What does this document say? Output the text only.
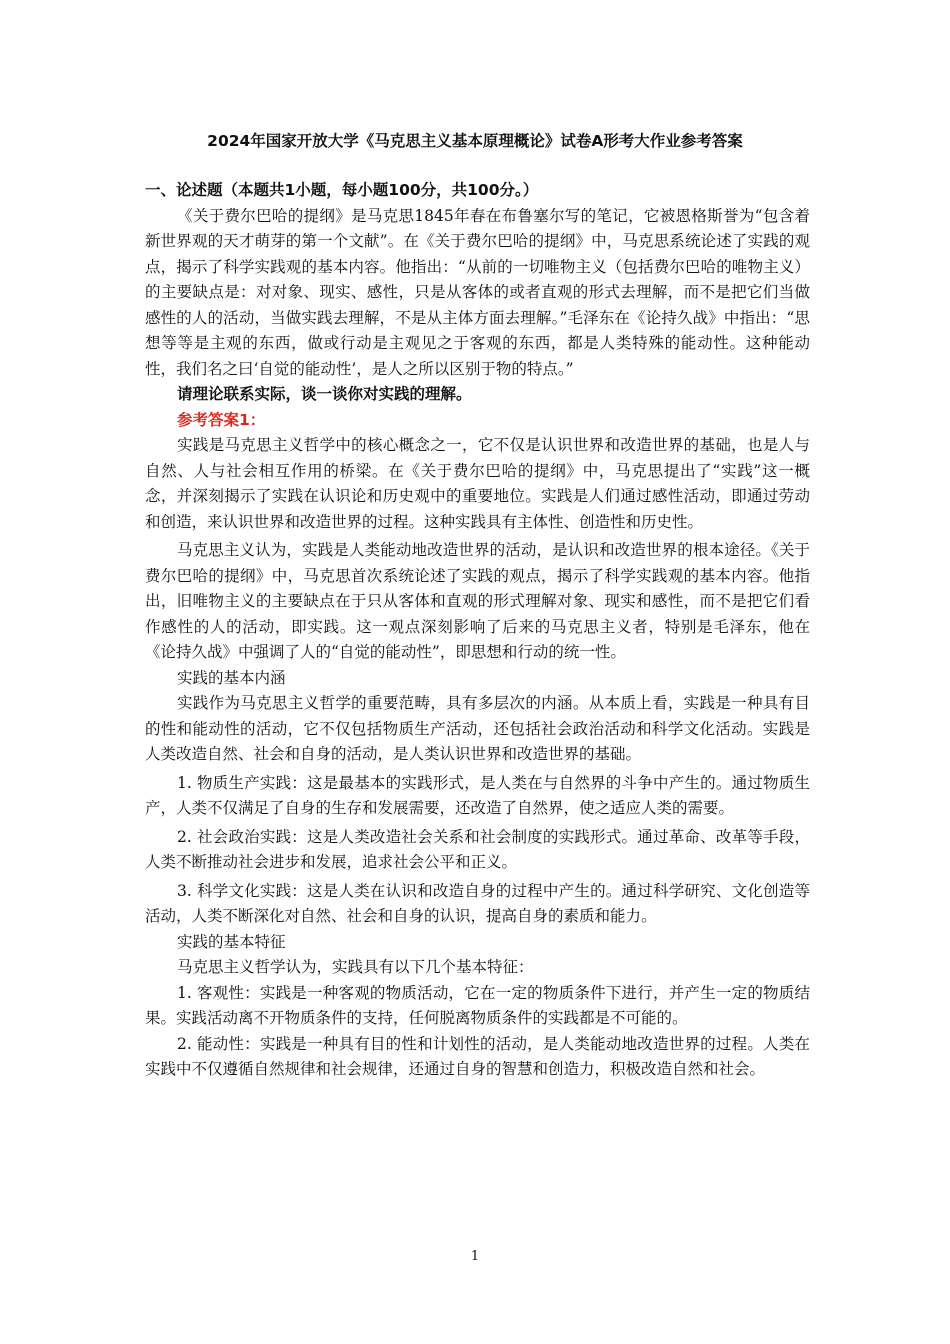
2024年国家开放大学《马克思主义基本原理概论》试卷A形考大作业参考答案

一、论述题（本题共1小题，每小题100分，共100分。）

《关于费尔巴哈的提纲》是马克思1845年春在布鲁塞尔写的笔记，它被恩格斯誉为“包含着新世界观的天才萌芽的第一个文献”。在《关于费尔巴哈的提纲》中，马克思系统论述了实践的观点，揭示了科学实践观的基本内容。他指出：“从前的一切唯物主义（包括费尔巴哈的唯物主义）的主要缺点是：对对象、现实、感性，只是从客体的或者直观的形式去理解，而不是把它们当做感性的人的活动，当做实践去理解，不是从主体方面去理解。”毛泽东在《论持久战》中指出：“思想等等是主观的东西，做或行动是主观见之于客观的东西，都是人类特殊的能动性。这种能动性，我们名之曰‘自觉的能动性’，是人之所以区别于物的特点。”

请理论联系实际，谈一谈你对实践的理解。

参考答案1：

实践是马克思主义哲学中的核心概念之一，它不仅是认识世界和改造世界的基础，也是人与自然、人与社会相互作用的桥梁。在《关于费尔巴哈的提纲》中，马克思提出了“实践”这一概念，并深刻揭示了实践在认识论和历史观中的重要地位。实践是人们通过感性活动，即通过劳动和创造，来认识世界和改造世界的过程。这种实践具有主体性、创造性和历史性。

马克思主义认为，实践是人类能动地改造世界的活动，是认识和改造世界的根本途径。《关于费尔巴哈的提纲》中，马克思首次系统论述了实践的观点，揭示了科学实践观的基本内容。他指出，旧唯物主义的主要缺点在于只从客体和直观的形式理解对象、现实和感性，而不是把它们看作感性的人的活动，即实践。这一观点深刻影响了后来的马克思主义者，特别是毛泽东，他在《论持久战》中强调了人的“自觉的能动性”，即思想和行动的统一性。

实践的基本内涵

实践作为马克思主义哲学的重要范畴，具有多层次的内涵。从本质上看，实践是一种具有目的性和能动性的活动，它不仅包括物质生产活动，还包括社会政治活动和科学文化活动。实践是人类改造自然、社会和自身的活动，是人类认识世界和改造世界的基础。

1. 物质生产实践：这是最基本的实践形式，是人类在与自然界的斗争中产生的。通过物质生产，人类不仅满足了自身的生存和发展需要，还改造了自然界，使之适应人类的需要。

2. 社会政治实践：这是人类改造社会关系和社会制度的实践形式。通过革命、改革等手段，人类不断推动社会进步和发展，追求社会公平和正义。

3. 科学文化实践：这是人类在认识和改造自身的过程中产生的。通过科学研究、文化创造等活动，人类不断深化对自然、社会和自身的认识，提高自身的素质和能力。

实践的基本特征

马克思主义哲学认为，实践具有以下几个基本特征：

1. 客观性：实践是一种客观的物质活动，它在一定的物质条件下进行，并产生一定的物质结果。实践活动离不开物质条件的支持，任何脱离物质条件的实践都是不可能的。

2. 能动性：实践是一种具有目的性和计划性的活动，是人类能动地改造世界的过程。人类在实践中不仅遵循自然规律和社会规律，还通过自身的智慧和创造力，积极改造自然和社会。

1
